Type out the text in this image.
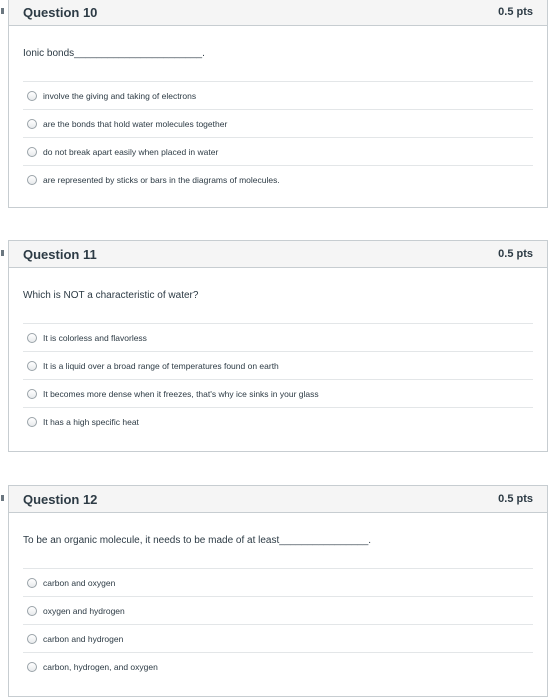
Question 10	0.5 pts
Ionic bonds_______________________.
involve the giving and taking of electrons
are the bonds that hold water molecules together
do not break apart easily when placed in water
are represented by sticks or bars in the diagrams of molecules.
Question 11	0.5 pts
Which is NOT a characteristic of water?
It is colorless and flavorless
It is a liquid over a broad range of temperatures found on earth
It becomes more dense when it freezes, that's why ice sinks in your glass
It has a high specific heat
Question 12	0.5 pts
To be an organic molecule, it needs to be made of at least________________.
carbon and oxygen
oxygen and hydrogen
carbon and hydrogen
carbon, hydrogen, and oxygen
